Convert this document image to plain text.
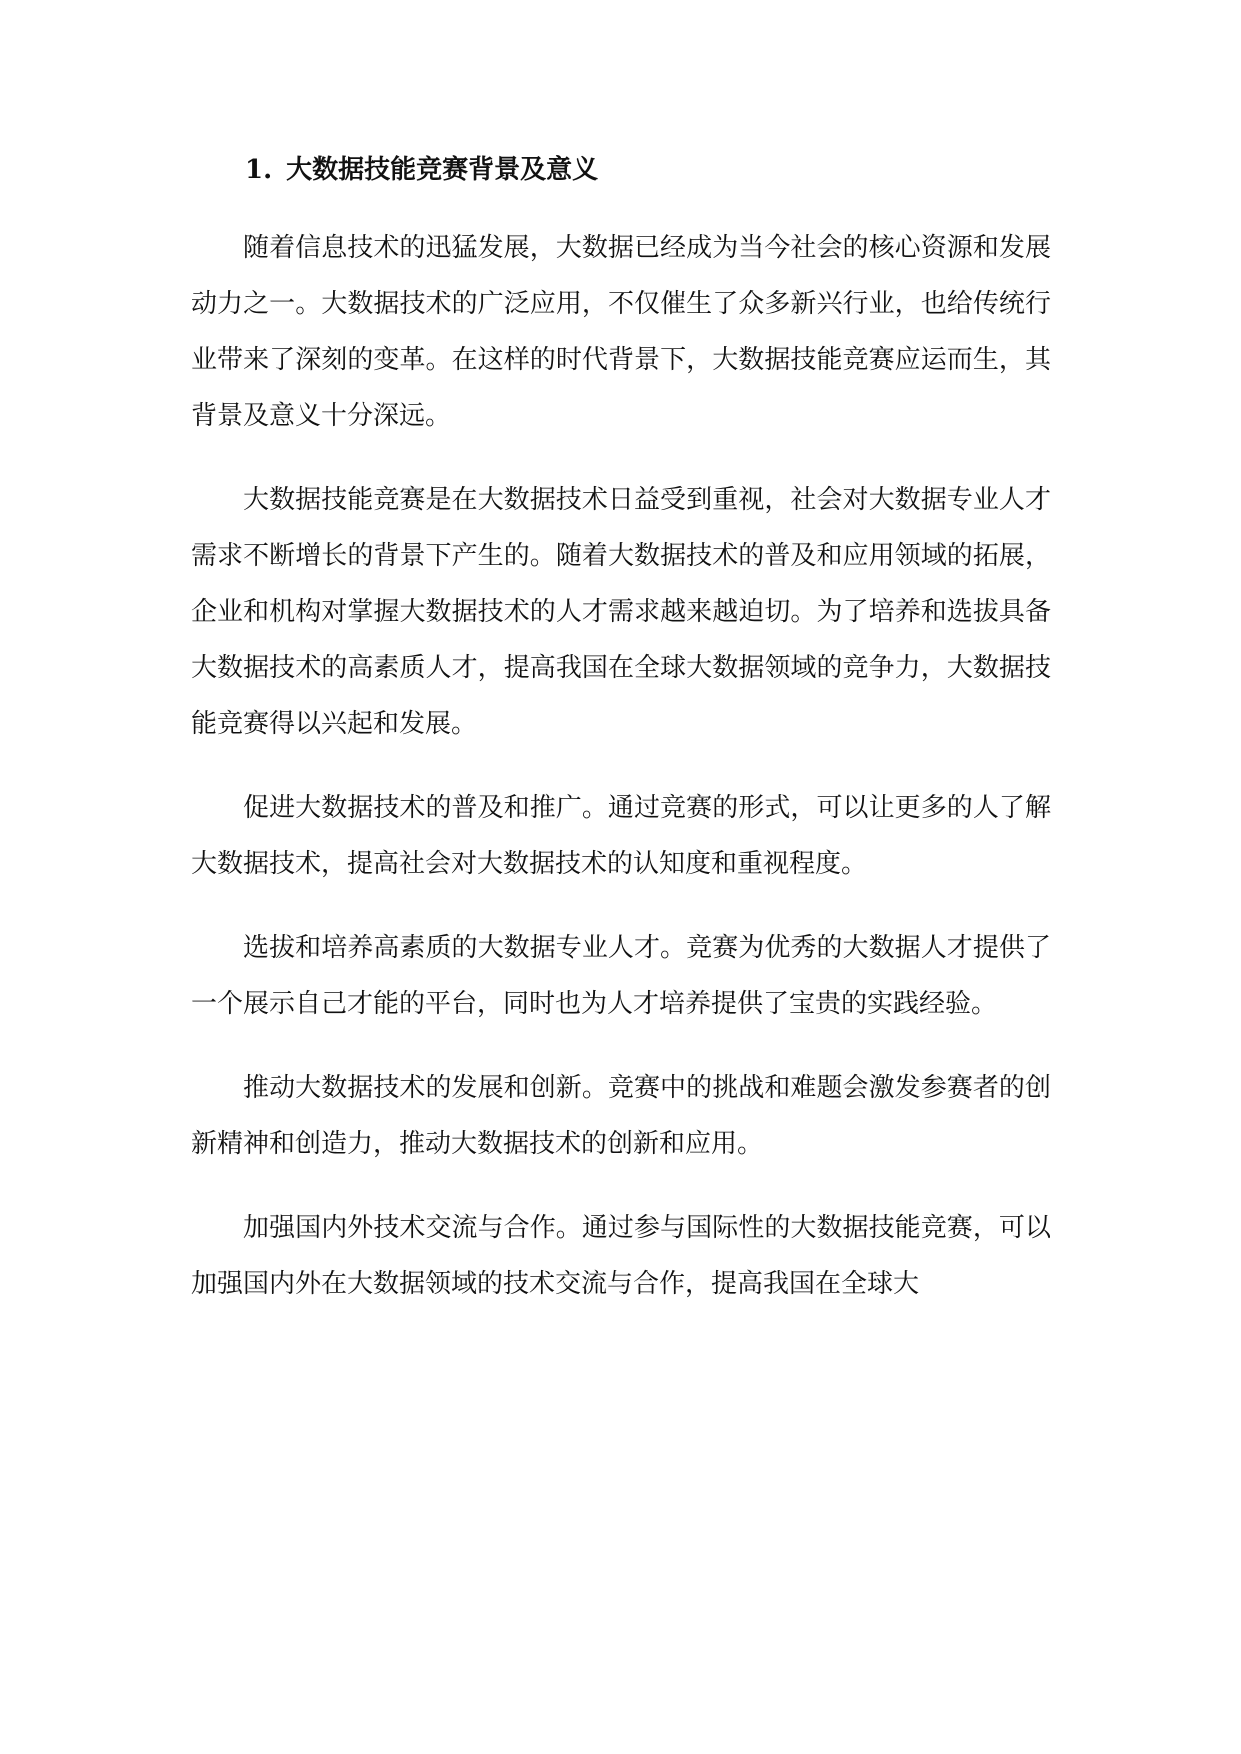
1. 大数据技能竞赛背景及意义

随着信息技术的迅猛发展，大数据已经成为当今社会的核心资源和发展动力之一。大数据技术的广泛应用，不仅催生了众多新兴行业，也给传统行业带来了深刻的变革。在这样的时代背景下，大数据技能竞赛应运而生，其背景及意义十分深远。

大数据技能竞赛是在大数据技术日益受到重视，社会对大数据专业人才需求不断增长的背景下产生的。随着大数据技术的普及和应用领域的拓展，企业和机构对掌握大数据技术的人才需求越来越迫切。为了培养和选拔具备大数据技术的高素质人才，提高我国在全球大数据领域的竞争力，大数据技能竞赛得以兴起和发展。

促进大数据技术的普及和推广。通过竞赛的形式，可以让更多的人了解大数据技术，提高社会对大数据技术的认知度和重视程度。

选拔和培养高素质的大数据专业人才。竞赛为优秀的大数据人才提供了一个展示自己才能的平台，同时也为人才培养提供了宝贵的实践经验。

推动大数据技术的发展和创新。竞赛中的挑战和难题会激发参赛者的创新精神和创造力，推动大数据技术的创新和应用。

加强国内外技术交流与合作。通过参与国际性的大数据技能竞赛，可以加强国内外在大数据领域的技术交流与合作，提高我国在全球大
